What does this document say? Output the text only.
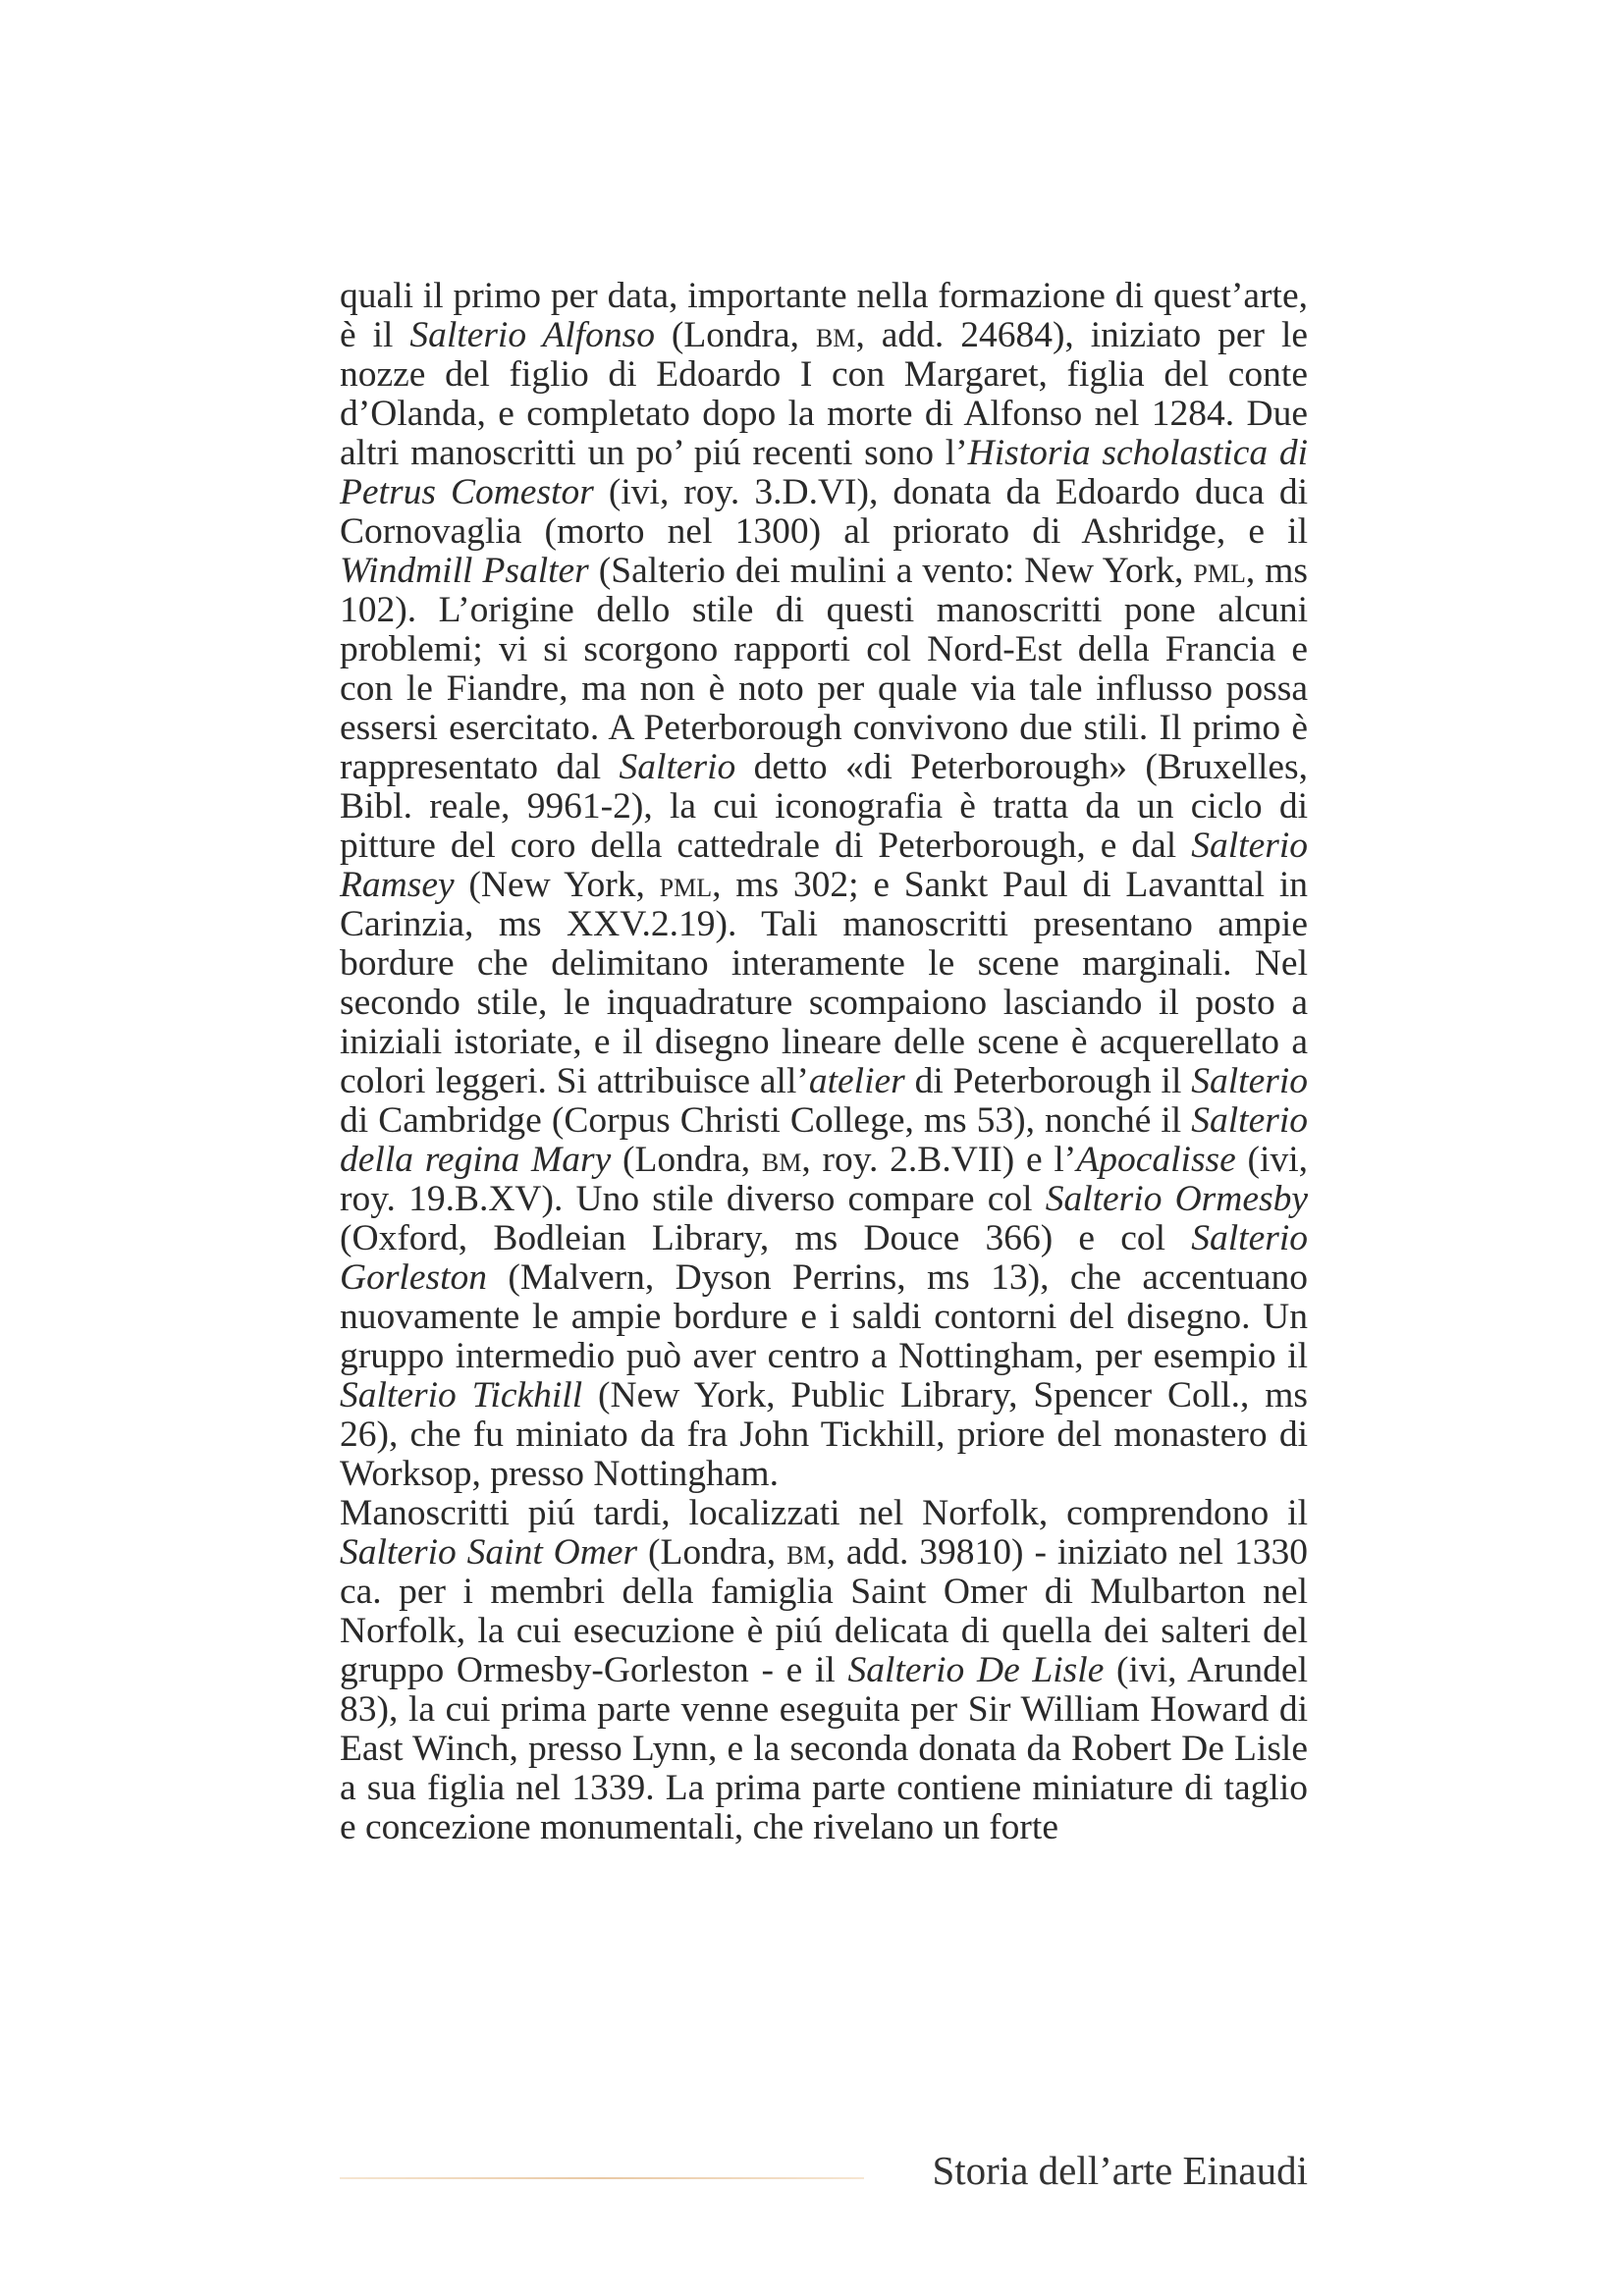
quali il primo per data, importante nella formazione di quest’arte, è il Salterio Alfonso (Londra, bm, add. 24684), iniziato per le nozze del figlio di Edoardo I con Margaret, figlia del conte d’Olanda, e completato dopo la morte di Alfonso nel 1284. Due altri manoscritti un po’ piú recenti sono l’Historia scholastica di Petrus Comestor (ivi, roy. 3.D.VI), donata da Edoardo duca di Cornovaglia (morto nel 1300) al priorato di Ashridge, e il Windmill Psalter (Salterio dei mulini a vento: New York, pml, ms 102). L’origine dello stile di questi manoscritti pone alcuni problemi; vi si scorgono rapporti col Nord-Est della Francia e con le Fiandre, ma non è noto per quale via tale influsso possa essersi esercitato. A Peterborough convivono due stili. Il primo è rappresentato dal Salterio detto «di Peterborough» (Bruxelles, Bibl. reale, 9961-2), la cui iconografia è tratta da un ciclo di pitture del coro della cattedrale di Peterborough, e dal Salterio Ramsey (New York, pml, ms 302; e Sankt Paul di Lavanttal in Carinzia, ms XXV.2.19). Tali manoscritti presentano ampie bordure che delimitano interamente le scene marginali. Nel secondo stile, le inquadrature scompaiono lasciando il posto a iniziali istoriate, e il disegno lineare delle scene è acquerellato a colori leggeri. Si attribuisce all’atelier di Peterborough il Salterio di Cambridge (Corpus Christi College, ms 53), nonché il Salterio della regina Mary (Londra, bm, roy. 2.B.VII) e l’Apocalisse (ivi, roy. 19.B.XV). Uno stile diverso compare col Salterio Ormesby (Oxford, Bodleian Library, ms Douce 366) e col Salterio Gorleston (Malvern, Dyson Perrins, ms 13), che accentuano nuovamente le ampie bordure e i saldi contorni del disegno. Un gruppo intermedio può aver centro a Nottingham, per esempio il Salterio Tickhill (New York, Public Library, Spencer Coll., ms 26), che fu miniato da fra John Tickhill, priore del monastero di Worksop, presso Nottingham.

Manoscritti piú tardi, localizzati nel Norfolk, comprendono il Salterio Saint Omer (Londra, bm, add. 39810) - iniziato nel 1330 ca. per i membri della famiglia Saint Omer di Mulbarton nel Norfolk, la cui esecuzione è piú delicata di quella dei salteri del gruppo Ormesby-Gorleston - e il Salterio De Lisle (ivi, Arundel 83), la cui prima parte venne eseguita per Sir William Howard di East Winch, presso Lynn, e la seconda donata da Robert De Lisle a sua figlia nel 1339. La prima parte contiene miniature di taglio e concezione monumentali, che rivelano un forte

Storia dell’arte Einaudi
